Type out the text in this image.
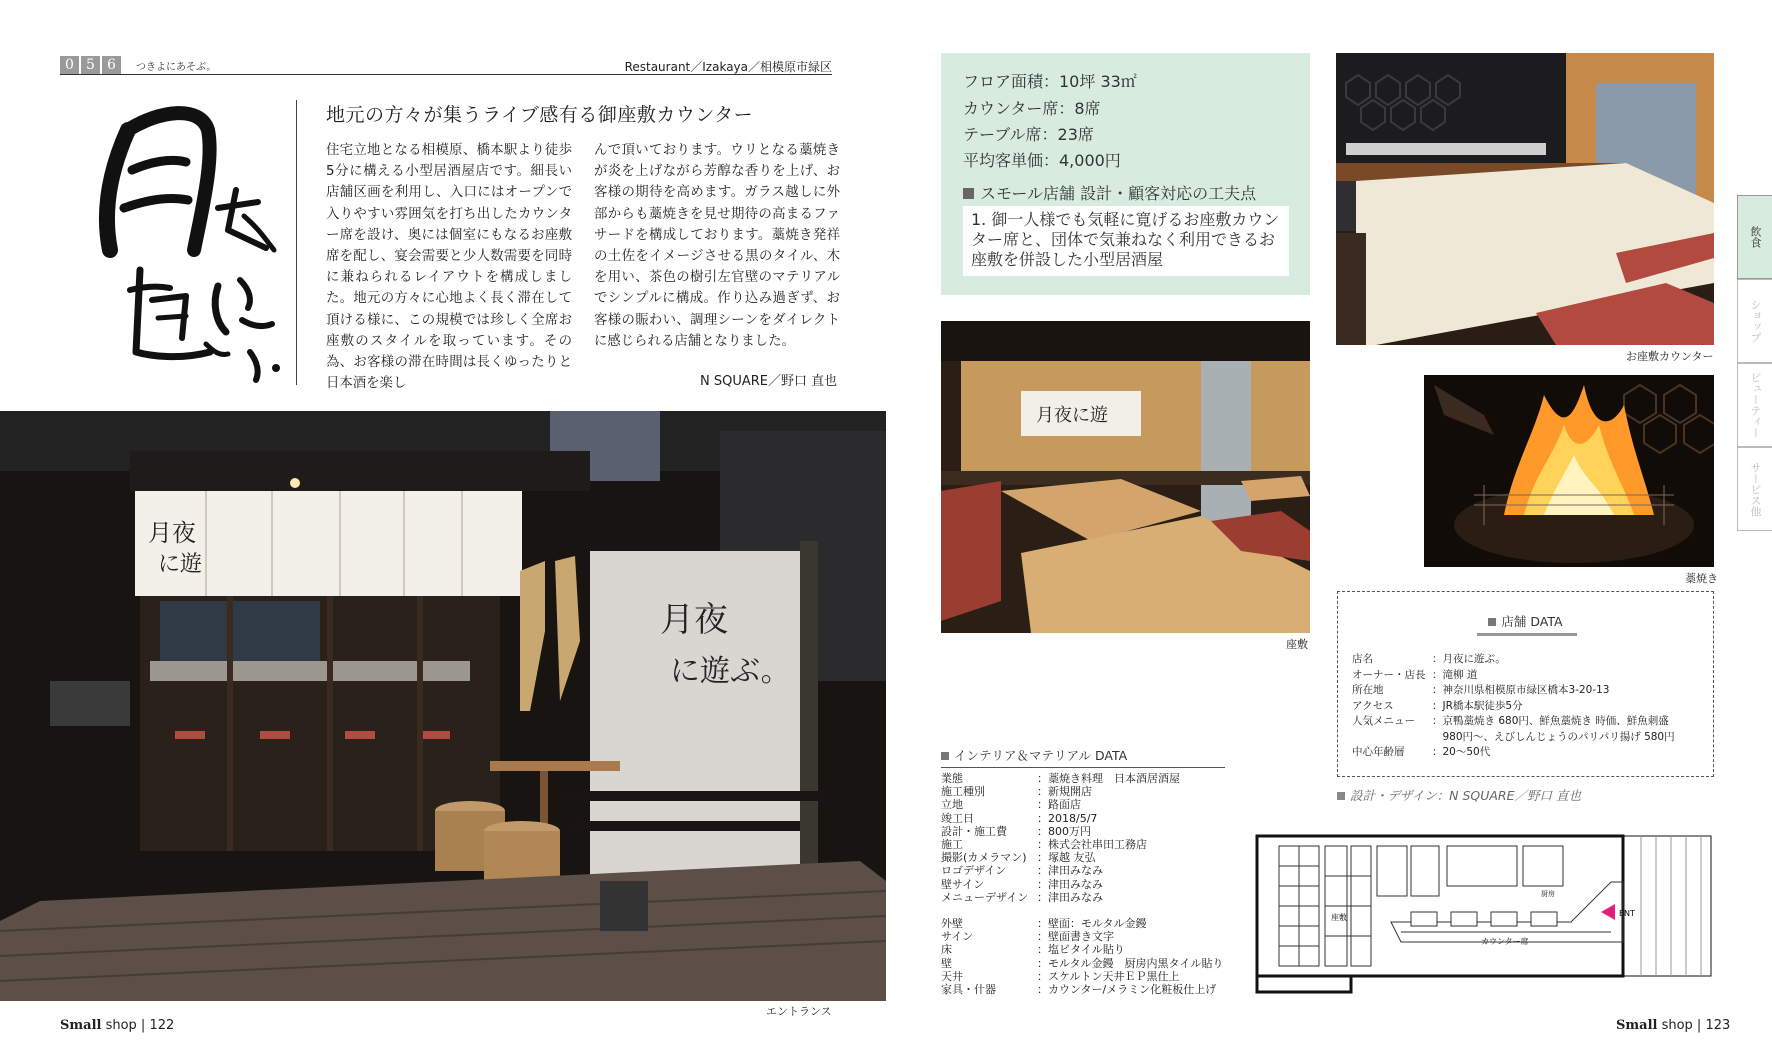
0 5 6	つきよにあそぶ。	Restaurant／Izakaya／相模原市緑区
地元の方々が集うライブ感有る御座敷カウンター
住宅立地となる相模原、橋本駅より徒歩5分に構える小型居酒屋店です。細長い店舗区画を利用し、入口にはオープンで入りやすい雰囲気を打ち出したカウンター席を設け、奥には個室にもなるお座敷席を配し、宴会需要と少人数需要を同時に兼ねられるレイアウトを構成しました。地元の方々に心地よく長く滞在して頂ける様に、この規模では珍しく全席お座敷のスタイルを取っています。その為、お客様の滞在時間は長くゆったりと日本酒を楽し
んで頂いております。ウリとなる藁焼きが炎を上げながら芳醇な香りを上げ、お客様の期待を高めます。ガラス越しに外部からも藁焼きを見せ期待の高まるファサードを構成しております。藁焼き発祥の土佐をイメージさせる黒のタイル、木を用い、茶色の樹引左官壁のマテリアルでシンプルに構成。作り込み過ぎず、お客様の賑わい、調理シーンをダイレクトに感じられる店舗となりました。
N SQUARE／野口 直也
月夜
に遊
月夜
に遊ぶ。
エントランス
Small shop | 122
フロア面積：10坪 33㎡
カウンター席：8席
テーブル席：23席
平均客単価：4,000円
スモール店舗 設計・顧客対応の工夫点
1. 御一人様でも気軽に寛げるお座敷カウンター席と、団体で気兼ねなく利用できるお座敷を併設した小型居酒屋
お座敷カウンター
月夜に遊
座敷
藁焼き
飲食
ショップ
ビューティー
サービス他
店舗 DATA
店名	：月夜に遊ぶ。
オーナー・店長 ：滝柳 道
所在地	：神奈川県相模原市緑区橋本3-20-13
アクセス	：JR橋本駅徒歩5分
人気メニュー	：京鴨藁焼き 680円、鮮魚藁焼き 時価、鮮魚刺盛
　980円〜、えびしんじょうのパリパリ揚げ 580円
中心年齢層	：20〜50代
設計・デザイン：N SQUARE／野口 直也
インテリア＆マテリアル DATA
業態	：藁焼き料理　日本酒居酒屋
施工種別	：新規開店
立地	：路面店
竣工日	：2018/5/7
設計・施工費	：800万円
施工	：株式会社串田工務店
撮影(カメラマン) ：塚越 友弘
ロゴデザイン	：津田みなみ
壁サイン	：津田みなみ
メニューデザイン ：津田みなみ
外壁	：壁面：モルタル金鏝
サイン	：壁面書き文字
床	：塩ビタイル貼り
壁	：モルタル金鏝　厨房内黒タイル貼り
天井	：スケルトン天井ＥＰ黒仕上
家具・什器	：カウンター/メラミン化粧板仕上げ
座敷
カウンター席
厨房
ENT
Small shop | 123
